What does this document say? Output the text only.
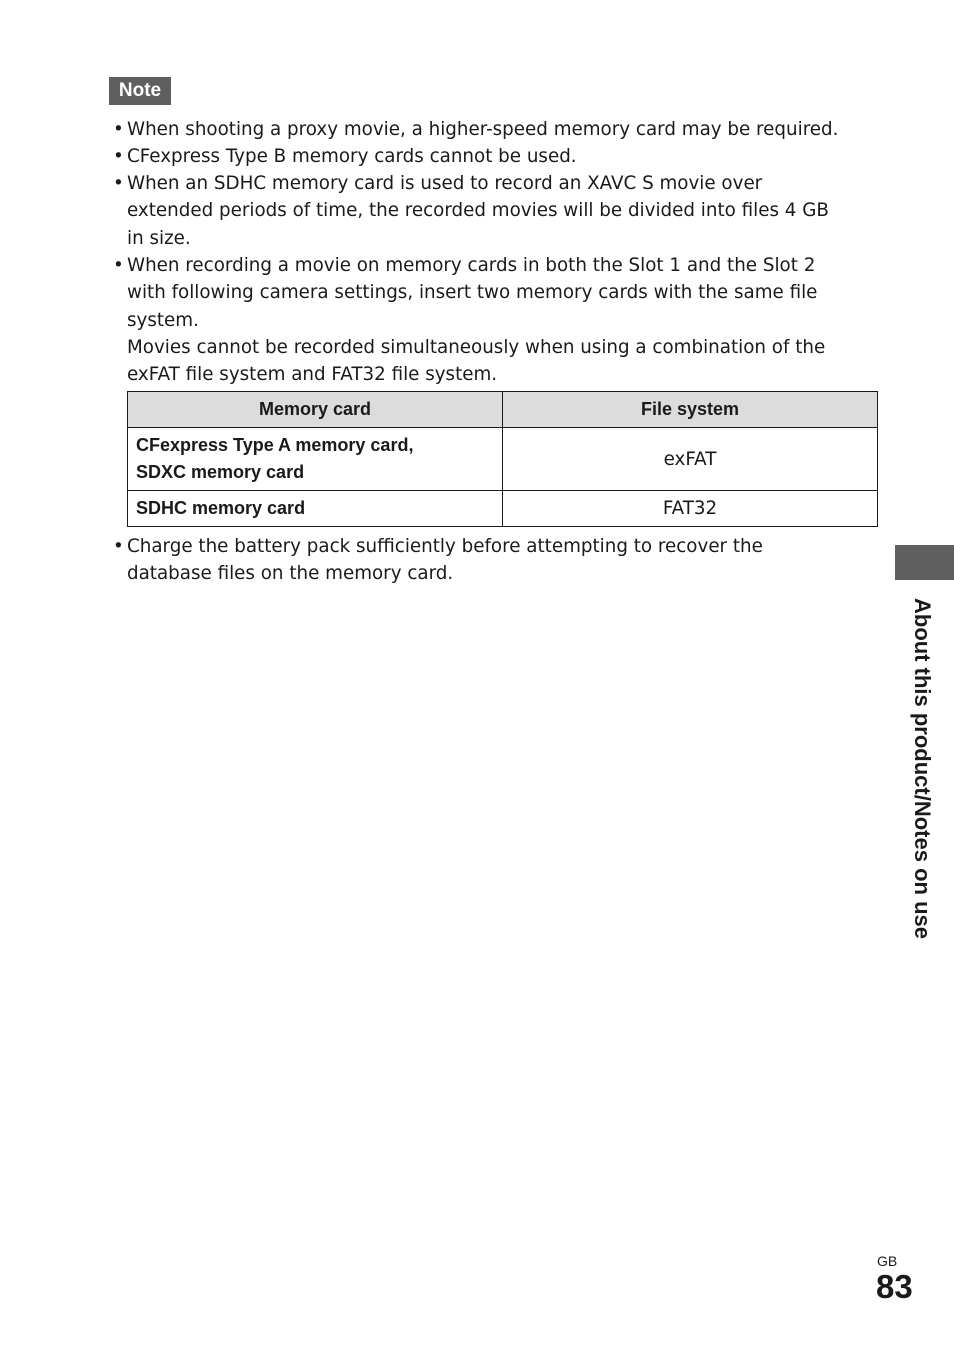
Note
• When shooting a proxy movie, a higher-speed memory card may be required.
• CFexpress Type B memory cards cannot be used.
• When an SDHC memory card is used to record an XAVC S movie over
extended periods of time, the recorded movies will be divided into files 4 GB
in size.
• When recording a movie on memory cards in both the Slot 1 and the Slot 2
with following camera settings, insert two memory cards with the same file
system.
Movies cannot be recorded simultaneously when using a combination of the
exFAT file system and FAT32 file system.
Memory card	File system
CFexpress Type A memory card,
SDXC memory card	exFAT
SDHC memory card	FAT32
• Charge the battery pack sufficiently before attempting to recover the
database files on the memory card.
About this product/Notes on use
GB
83
